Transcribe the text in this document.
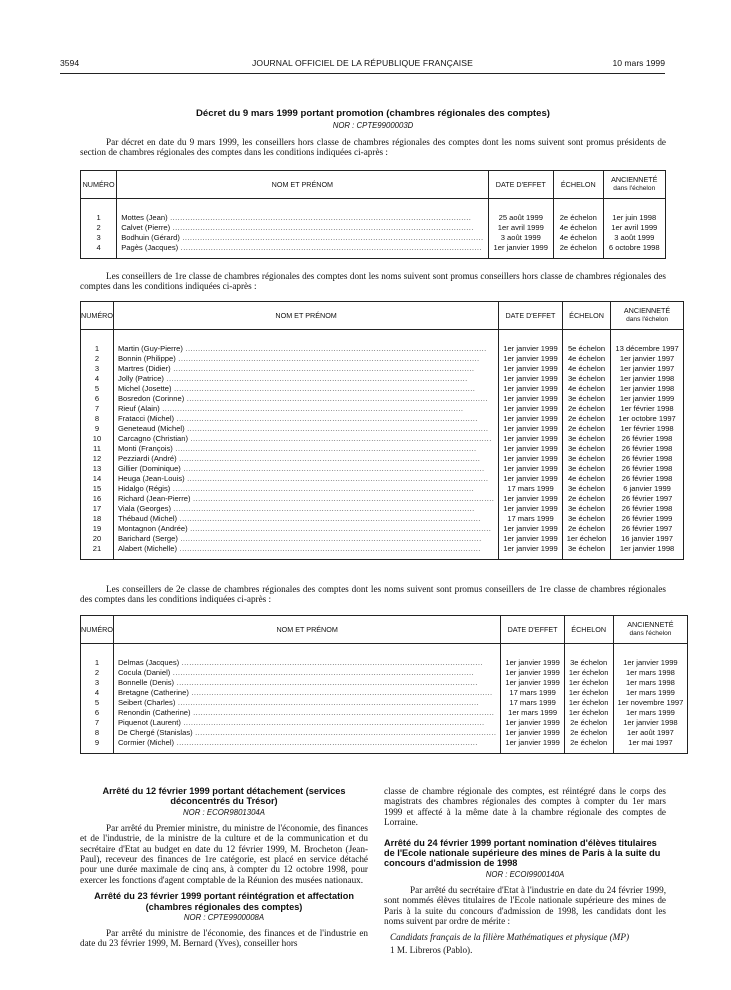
3594	JOURNAL OFFICIEL DE LA RÉPUBLIQUE FRANÇAISE	10 mars 1999
Décret du 9 mars 1999 portant promotion (chambres régionales des comptes)
NOR : CPTE9900003D
Par décret en date du 9 mars 1999, les conseillers hors classe de chambres régionales des comptes dont les noms suivent sont promus présidents de section de chambres régionales des comptes dans les conditions indiquées ci-après :
NUMÉRO	NOM ET PRÉNOM	DATE D'EFFET	ÉCHELON	ANCIENNETÉ
dans l'échelon

1	Mottes (Jean) ........................................................................................................................	25 août 1999	2e échelon	1er juin 1998
2	Calvet (Pierre) ........................................................................................................................	1er avril 1999	4e échelon	1er avril 1999
3	Bodhuin (Gérard) ........................................................................................................................	3 août 1999	4e échelon	3 août 1999
4	Pagès (Jacques) ........................................................................................................................	1er janvier 1999	2e échelon	6 octobre 1998

Les conseillers de 1re classe de chambres régionales des comptes dont les noms suivent sont promus conseillers hors classe de chambres régionales des comptes dans les conditions indiquées ci-après :
NUMÉRO	NOM ET PRÉNOM	DATE D'EFFET	ÉCHELON	ANCIENNETÉ
dans l'échelon

1	Martin (Guy-Pierre) ........................................................................................................................	1er janvier 1999	5e échelon	13 décembre 1997
2	Bonnin (Philippe) ........................................................................................................................	1er janvier 1999	4e échelon	1er janvier 1997
3	Martres (Didier) ........................................................................................................................	1er janvier 1999	4e échelon	1er janvier 1997
4	Jolly (Patrice) ........................................................................................................................	1er janvier 1999	3e échelon	1er janvier 1998
5	Michel (Josette) ........................................................................................................................	1er janvier 1999	4e échelon	1er janvier 1998
6	Bosredon (Corinne) ........................................................................................................................	1er janvier 1999	3e échelon	1er janvier 1999
7	Rieuf (Alain) ........................................................................................................................	1er janvier 1999	2e échelon	1er février 1998
8	Fratacci (Michel) ........................................................................................................................	1er janvier 1999	2e échelon	1er octobre 1997
9	Geneteaud (Michel) ........................................................................................................................	1er janvier 1999	2e échelon	1er février 1998
10	Carcagno (Christian) ........................................................................................................................	1er janvier 1999	3e échelon	26 février 1998
11	Monti (François) ........................................................................................................................	1er janvier 1999	3e échelon	26 février 1998
12	Pezziardi (André) ........................................................................................................................	1er janvier 1999	3e échelon	26 février 1998
13	Gillier (Dominique) ........................................................................................................................	1er janvier 1999	3e échelon	26 février 1998
14	Heuga (Jean-Louis) ........................................................................................................................	1er janvier 1999	4e échelon	26 février 1998
15	Hidalgo (Régis) ........................................................................................................................	17 mars 1999	3e échelon	6 janvier 1999
16	Richard (Jean-Pierre) ........................................................................................................................	1er janvier 1999	2e échelon	26 février 1997
17	Viala (Georges) ........................................................................................................................	1er janvier 1999	3e échelon	26 février 1998
18	Thébaud (Michel) ........................................................................................................................	17 mars 1999	3e échelon	26 février 1999
19	Montagnon (Andrée) ........................................................................................................................	1er janvier 1999	2e échelon	26 février 1997
20	Barichard (Serge) ........................................................................................................................	1er janvier 1999	1er échelon	16 janvier 1997
21	Alabert (Michelle) ........................................................................................................................	1er janvier 1999	3e échelon	1er janvier 1998

Les conseillers de 2e classe de chambres régionales des comptes dont les noms suivent sont promus conseillers de 1re classe de chambres régionales des comptes dans les conditions indiquées ci-après :
NUMÉRO	NOM ET PRÉNOM	DATE D'EFFET	ÉCHELON	ANCIENNETÉ
dans l'échelon

1	Delmas (Jacques) ........................................................................................................................	1er janvier 1999	3e échelon	1er janvier 1999
2	Cocula (Daniel) ........................................................................................................................	1er janvier 1999	1er échelon	1er mars 1998
3	Bonnelle (Denis) ........................................................................................................................	1er janvier 1999	1er échelon	1er mars 1998
4	Bretagne (Catherine) ........................................................................................................................	17 mars 1999	1er échelon	1er mars 1999
5	Seibert (Charles) ........................................................................................................................	17 mars 1999	1er échelon	1er novembre 1997
6	Renondin (Catherine) ........................................................................................................................	1er mars 1999	1er échelon	1er mars 1999
7	Piquenot (Laurent) ........................................................................................................................	1er janvier 1999	2e échelon	1er janvier 1998
8	De Chergé (Stanislas) ........................................................................................................................	1er janvier 1999	2e échelon	1er août 1997
9	Cormier (Michel) ........................................................................................................................	1er janvier 1999	2e échelon	1er mai 1997

Arrêté du 12 février 1999 portant détachement (services déconcentrés du Trésor)
NOR : ECOR9801304A
Par arrêté du Premier ministre, du ministre de l'économie, des finances et de l'industrie, de la ministre de la culture et de la communication et du secrétaire d'Etat au budget en date du 12 février 1999, M. Brocheton (Jean-Paul), receveur des finances de 1re catégorie, est placé en service détaché pour une durée maximale de cinq ans, à compter du 12 octobre 1998, pour exercer les fonctions d'agent comptable de la Réunion des musées nationaux.
Arrêté du 23 février 1999 portant réintégration et affectation (chambres régionales des comptes)
NOR : CPTE9900008A
Par arrêté du ministre de l'économie, des finances et de l'industrie en date du 23 février 1999, M. Bernard (Yves), conseiller hors
classe de chambre régionale des comptes, est réintégré dans le corps des magistrats des chambres régionales des comptes à compter du 1er mars 1999 et affecté à la même date à la chambre régionale des comptes de Lorraine.
Arrêté du 24 février 1999 portant nomination d'élèves titulaires de l'Ecole nationale supérieure des mines de Paris à la suite du concours d'admission de 1998
NOR : ECOI9900140A
Par arrêté du secrétaire d'Etat à l'industrie en date du 24 février 1999, sont nommés élèves titulaires de l'Ecole nationale supérieure des mines de Paris à la suite du concours d'admission de 1998, les candidats dont les noms suivent par ordre de mérite :
Candidats français de la filière Mathématiques et physique (MP)
1 M. Libreros (Pablo).
